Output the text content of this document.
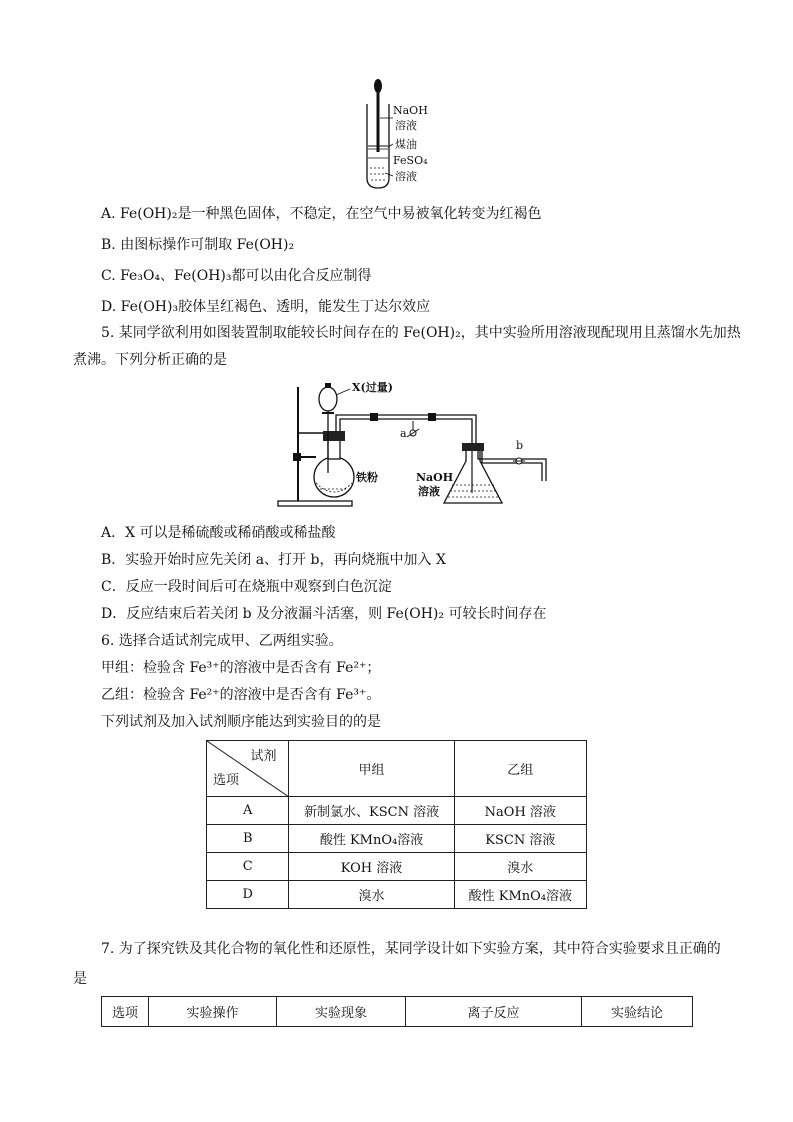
NaOH
溶液
煤油
FeSO₄
溶液
A. Fe(OH)₂是一种黑色固体，不稳定，在空气中易被氧化转变为红褐色
B. 由图标操作可制取 Fe(OH)₂
C. Fe₃O₄、Fe(OH)₃都可以由化合反应制得
D. Fe(OH)₃胶体呈红褐色、透明，能发生丁达尔效应
5. 某同学欲利用如图装置制取能较长时间存在的 Fe(OH)₂，其中实验所用溶液现配现用且蒸馏水先加热
煮沸。下列分析正确的是
X(过量)
a
b
铁粉	NaOH
溶液
A．X 可以是稀硫酸或稀硝酸或稀盐酸
B．实验开始时应先关闭 a、打开 b，再向烧瓶中加入 X
C．反应一段时间后可在烧瓶中观察到白色沉淀
D．反应结束后若关闭 b 及分液漏斗活塞，则 Fe(OH)₂ 可较长时间存在
6. 选择合适试剂完成甲、乙两组实验。
甲组：检验含 Fe³⁺的溶液中是否含有 Fe²⁺；
乙组：检验含 Fe²⁺的溶液中是否含有 Fe³⁺。
下列试剂及加入试剂顺序能达到实验目的的是
试剂
选项	甲组	乙组
A	新制氯水、KSCN 溶液	NaOH 溶液
B	酸性 KMnO₄溶液	KSCN 溶液
C	KOH 溶液	溴水
D	溴水	酸性 KMnO₄溶液
7. 为了探究铁及其化合物的氧化性和还原性，某同学设计如下实验方案，其中符合实验要求且正确的
是
选项	实验操作	实验现象	离子反应	实验结论
